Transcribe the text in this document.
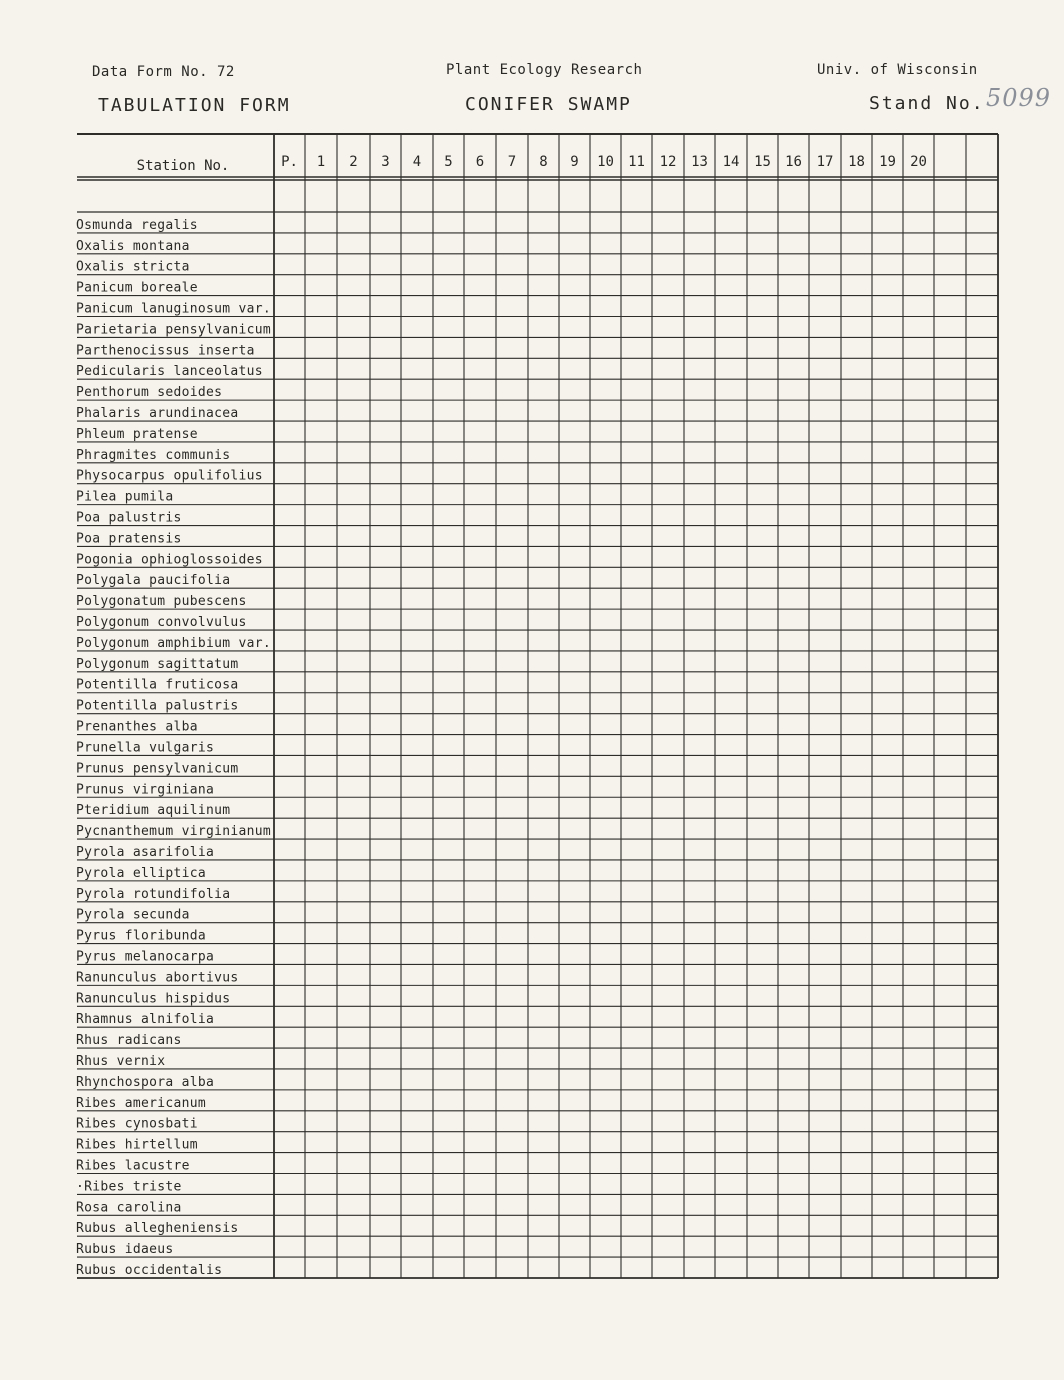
Data Form No. 72	Plant Ecology Research	Univ. of Wisconsin
TABULATION FORM	CONIFER SWAMP	Stand No. 5099
Station No.	P. 1 2 3 4 5 6 7 8 9 10 11 12 13 14 15 16 17 18 19 20
Osmunda regalis
Oxalis montana
Oxalis stricta
Panicum boreale
Panicum lanuginosum var.
Parietaria pensylvanicum
Parthenocissus inserta
Pedicularis lanceolatus
Penthorum sedoides
Phalaris arundinacea
Phleum pratense
Phragmites communis
Physocarpus opulifolius
Pilea pumila
Poa palustris
Poa pratensis
Pogonia ophioglossoides
Polygala paucifolia
Polygonatum pubescens
Polygonum convolvulus
Polygonum amphibium var.
Polygonum sagittatum
Potentilla fruticosa
Potentilla palustris
Prenanthes alba
Prunella vulgaris
Prunus pensylvanicum
Prunus virginiana
Pteridium aquilinum
Pycnanthemum virginianum
Pyrola asarifolia
Pyrola elliptica
Pyrola rotundifolia
Pyrola secunda
Pyrus floribunda
Pyrus melanocarpa
Ranunculus abortivus
Ranunculus hispidus
Rhamnus alnifolia
Rhus radicans
Rhus vernix
Rhynchospora alba
Ribes americanum
Ribes cynosbati
Ribes hirtellum
Ribes lacustre
·Ribes triste
Rosa carolina
Rubus allegheniensis
Rubus idaeus
Rubus occidentalis
